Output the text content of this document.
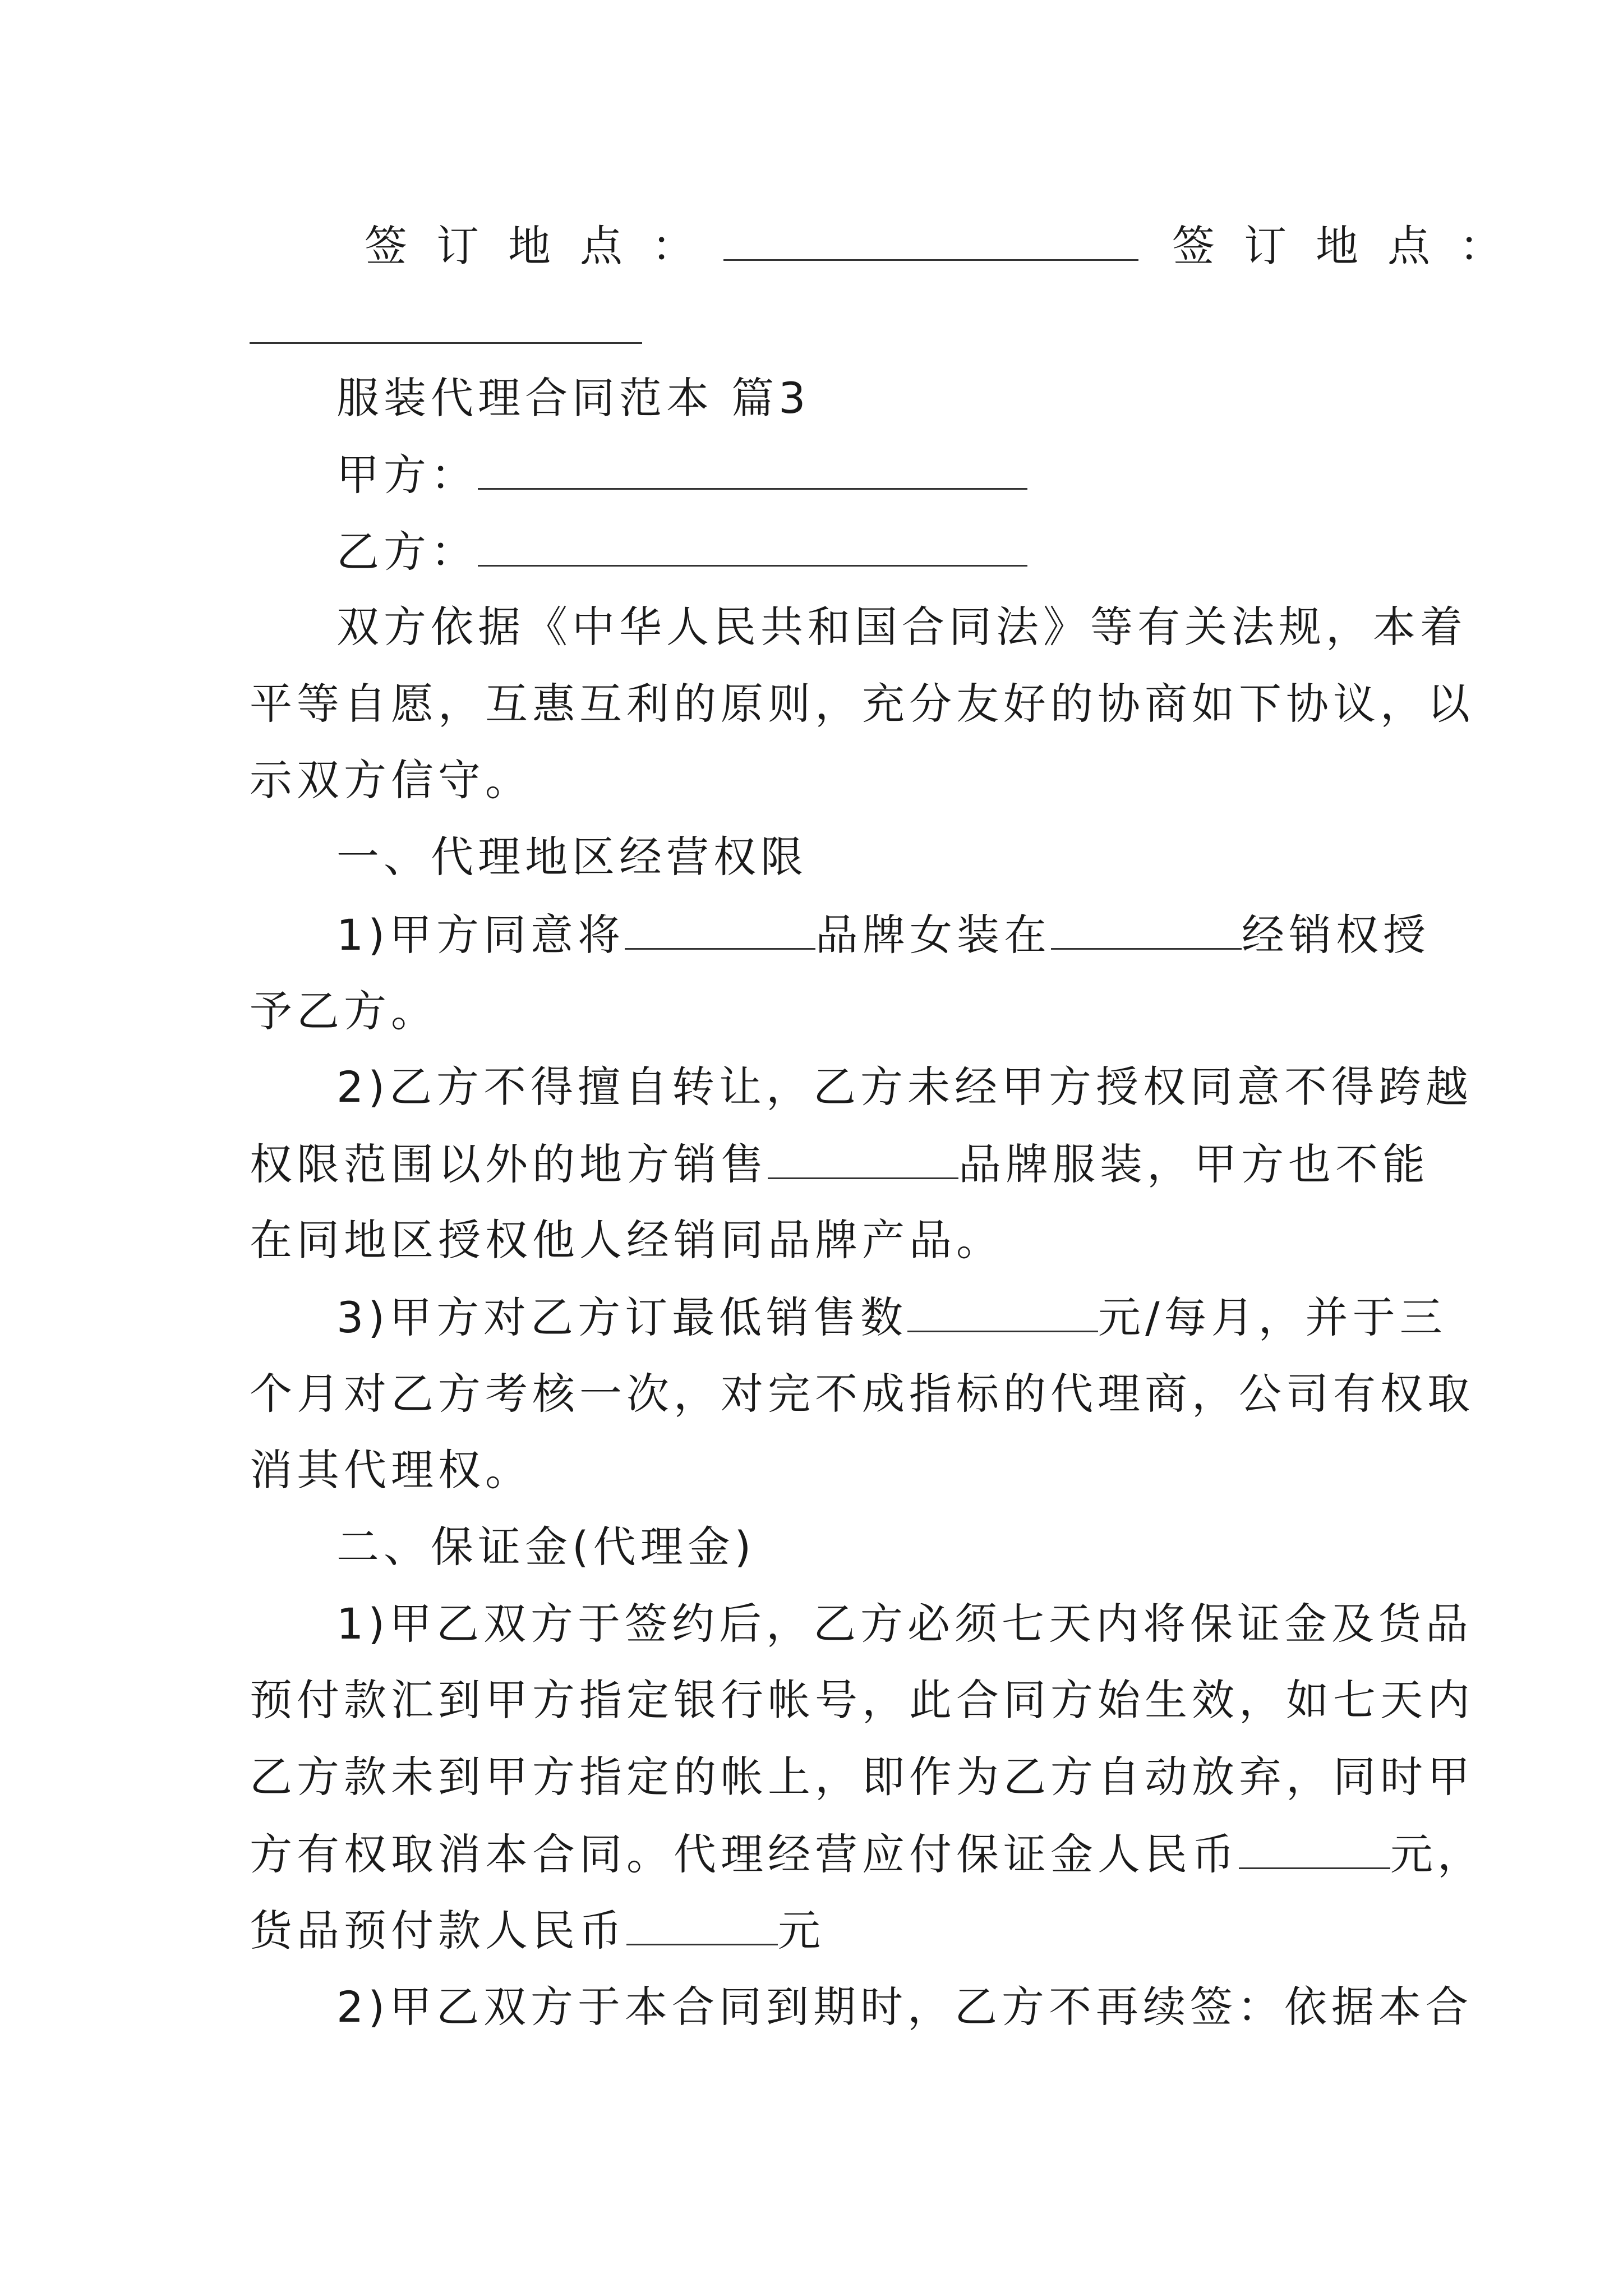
签订地点：	签订地点：
服装代理合同范本 篇3
甲方：
乙方：
双方依据《中华人民共和国合同法》等有关法规，本着
平等自愿，互惠互利的原则，充分友好的协商如下协议，以
示双方信守。
一、代理地区经营权限
1)甲方同意将	品牌女装在	经销权授
予乙方。
2)乙方不得擅自转让，乙方未经甲方授权同意不得跨越
权限范围以外的地方销售	品牌服装，甲方也不能
在同地区授权他人经销同品牌产品。
3)甲方对乙方订最低销售数	元/每月，并于三
个月对乙方考核一次，对完不成指标的代理商，公司有权取
消其代理权。
二、保证金(代理金)
1)甲乙双方于签约后，乙方必须七天内将保证金及货品
预付款汇到甲方指定银行帐号，此合同方始生效，如七天内
乙方款未到甲方指定的帐上，即作为乙方自动放弃，同时甲
方有权取消本合同。代理经营应付保证金人民币	元，
货品预付款人民币	元
2)甲乙双方于本合同到期时，乙方不再续签：依据本合
